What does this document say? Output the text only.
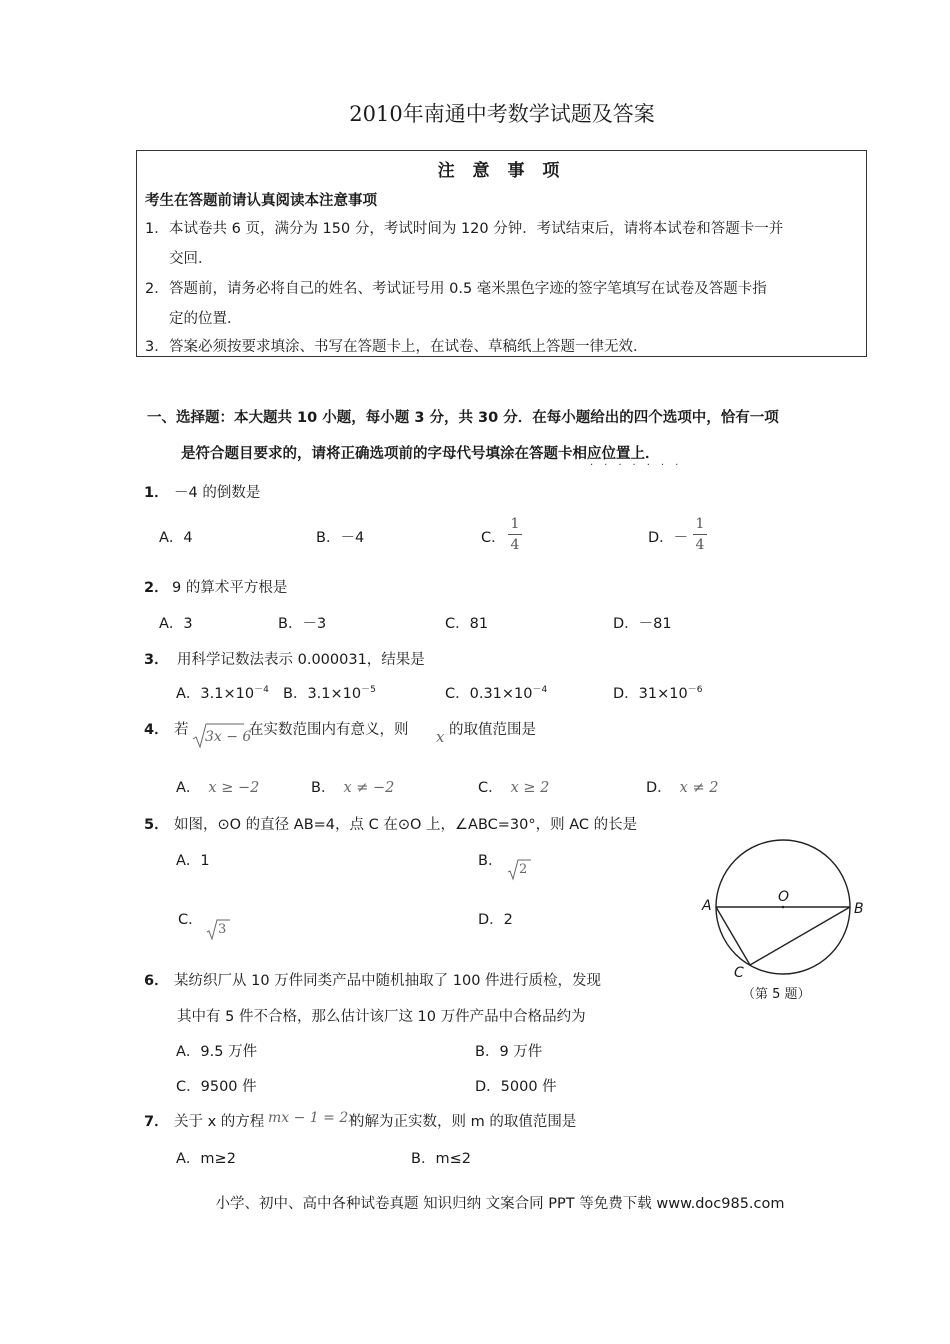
2010年南通中考数学试题及答案
注 意 事 项
考生在答题前请认真阅读本注意事项
1． 本试卷共 6 页，满分为 150 分，考试时间为 120 分钟．考试结束后，请将本试卷和答题卡一并
交回．
2． 答题前，请务必将自己的姓名、考试证号用 0.5 毫米黑色字迹的签字笔填写在试卷及答题卡指
定的位置．
3． 答案必须按要求填涂、书写在答题卡上，在试卷、草稿纸上答题一律无效．
一、选择题：本大题共 10 小题，每小题 3 分，共 30 分．在每小题给出的四个选项中，恰有一项
是符合题目要求的，请将正确选项前的字母代号填涂在答题卡相应位置上．
·······
1． －4 的倒数是
A．4	B．－4	C．
1
4	D．－
1
4
2． 9 的算术平方根是
A．3	B．－3	C．81	D．－81
3． 用科学记数法表示 0.000031，结果是
A．$3.1\times 10^{-4}$ B．$3.1\times 10^{-5}$	C．$0.31\times 10^{-4}$	D．$31\times 10^{-6}$
4． 若 3x − 6
在实数范围内有意义，则 x 的取值范围是
A． x ≥ −2	B． x ≠ −2	C． x ≥ 2	D． x ≠ 2
5． 如图，⊙O 的直径 AB=4，点 C 在⊙O 上，∠ABC=30°，则 AC 的长是
A．1	B．
2
C．
3
D．2
A	B
O
C
（第 5 题）
6． 某纺织厂从 10 万件同类产品中随机抽取了 100 件进行质检，发现
其中有 5 件不合格，那么估计该厂这 10 万件产品中合格品约为
A．9.5 万件	B．9 万件
C．9500 件	D．5000 件
7． 关于 x 的方程 mx − 1 = 2x
的解为正实数，则 m 的取值范围是
A．m≥2	B．m≤2
小学、初中、高中各种试卷真题 知识归纳 文案合同 PPT 等免费下载 www.doc985.com
